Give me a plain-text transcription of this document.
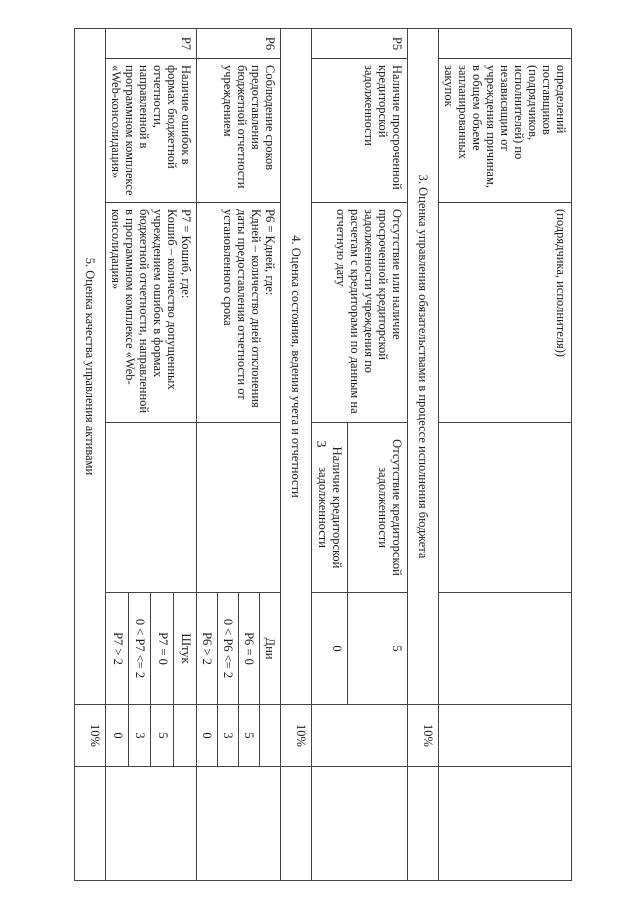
3
	определений поставщиков (подрядчиков, исполнителей) по независящим от учреждения причинам, в общем объеме запланированных закупок	(подрядчика, исполнителя))				
3. Оценка управления обязательствами в процессе исполнения бюджета					10%	
P5	Наличие просроченной кредиторской задолженности	Отсутствие или наличие просроченной кредиторской задолженности учреждения по расчетам с кредиторами по данным на отчетную дату	Отсутствие кредиторской задолженности	5		
			Наличие кредиторской задолженности	0		
4. Оценка состояния, ведения учета и отчетности					10%	
P6	Соблюдение сроков предоставления бюджетной отчетности учреждением	P6 = Кдней, где:
Кдней – количество дней отклонения даты предоставления отчетности от установленного срока		Дни		
				P6 = 0	5	
				0 < P6 <= 2	3	
				P6 > 2	0	
P7	Наличие ошибок в формах бюджетной отчетности, направленной в программном комплексе «Web-консолидация»	P7 = Кошиб, где:
Кошиб – количество допущенных учреждением ошибок в формах бюджетной отчетности, направленной в программном комплексе «Web-консолидация»		Штук		
				P7 = 0	5	
				0 < P7 <= 2	3	
				P7 > 2	0	
5. Оценка качества управления активами					10%	
